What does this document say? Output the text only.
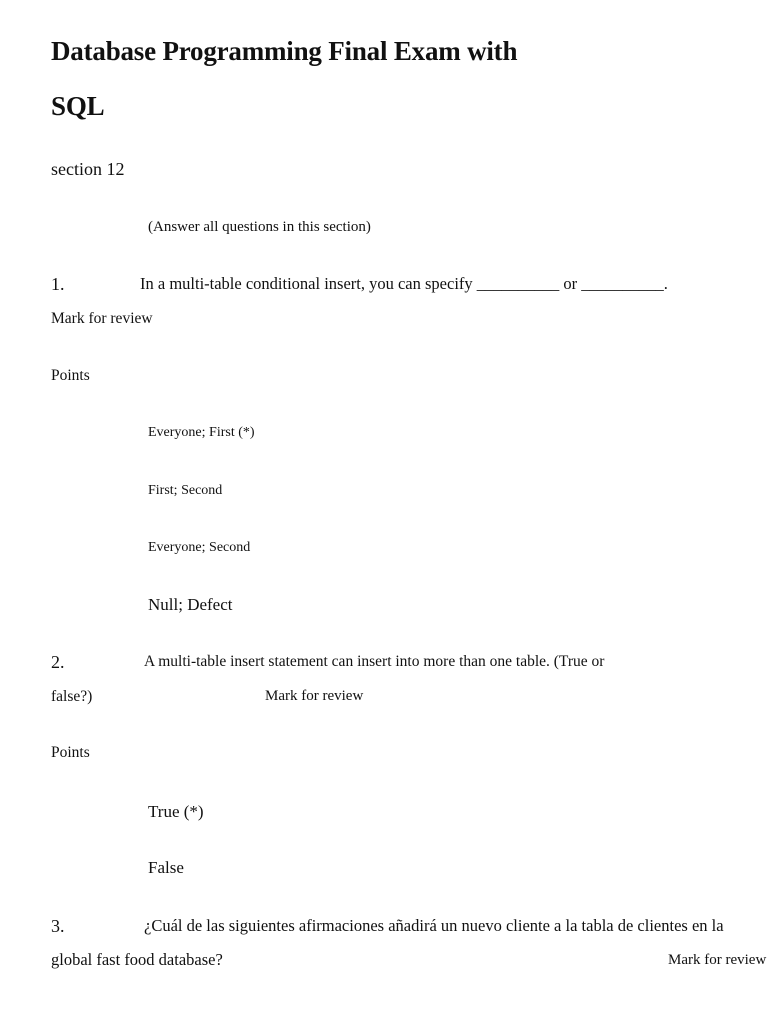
Database Programming Final Exam with
SQL
section 12
(Answer all questions in this section)
1.	In a multi-table conditional insert, you can specify __________ or __________.
Mark for review
Points
Everyone; First (*)
First; Second
Everyone; Second
Null; Defect
2.	A multi-table insert statement can insert into more than one table. (True or
false?)	Mark for review
Points
True (*)
False
3.	¿Cuál de las siguientes afirmaciones añadirá un nuevo cliente a la tabla de clientes en la
global fast food database?	Mark for review
